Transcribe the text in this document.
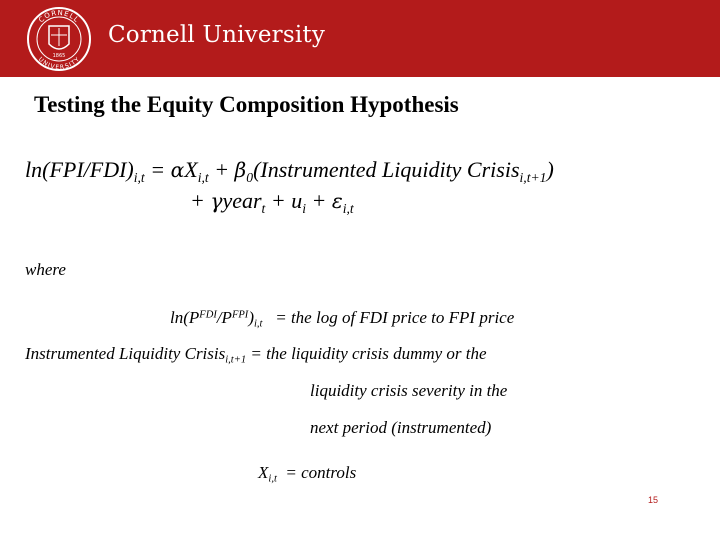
CORNELL
UNIVERSITY
1865
Cornell University
Testing the Equity Composition Hypothesis
$\ln(FPI/FDI)_{i,t} = \alpha X_{i,t}$ + $\beta_0(Instrumented$ Liquidity Crisis$_{i,t+1}$)
+ γyear$_t$ + $u_i + \varepsilon_{i,t}$
where
$\ln(P^{FDI}/P^{FPI})_{i,t}$ = the log of FDI price to FPI price
Instrumented Liquidity Crisis$_{i,t+1}$ = the liquidity crisis dummy or the
liquidity crisis severity in the
next period (instrumented)
$X_{i,t}$ = controls
15
